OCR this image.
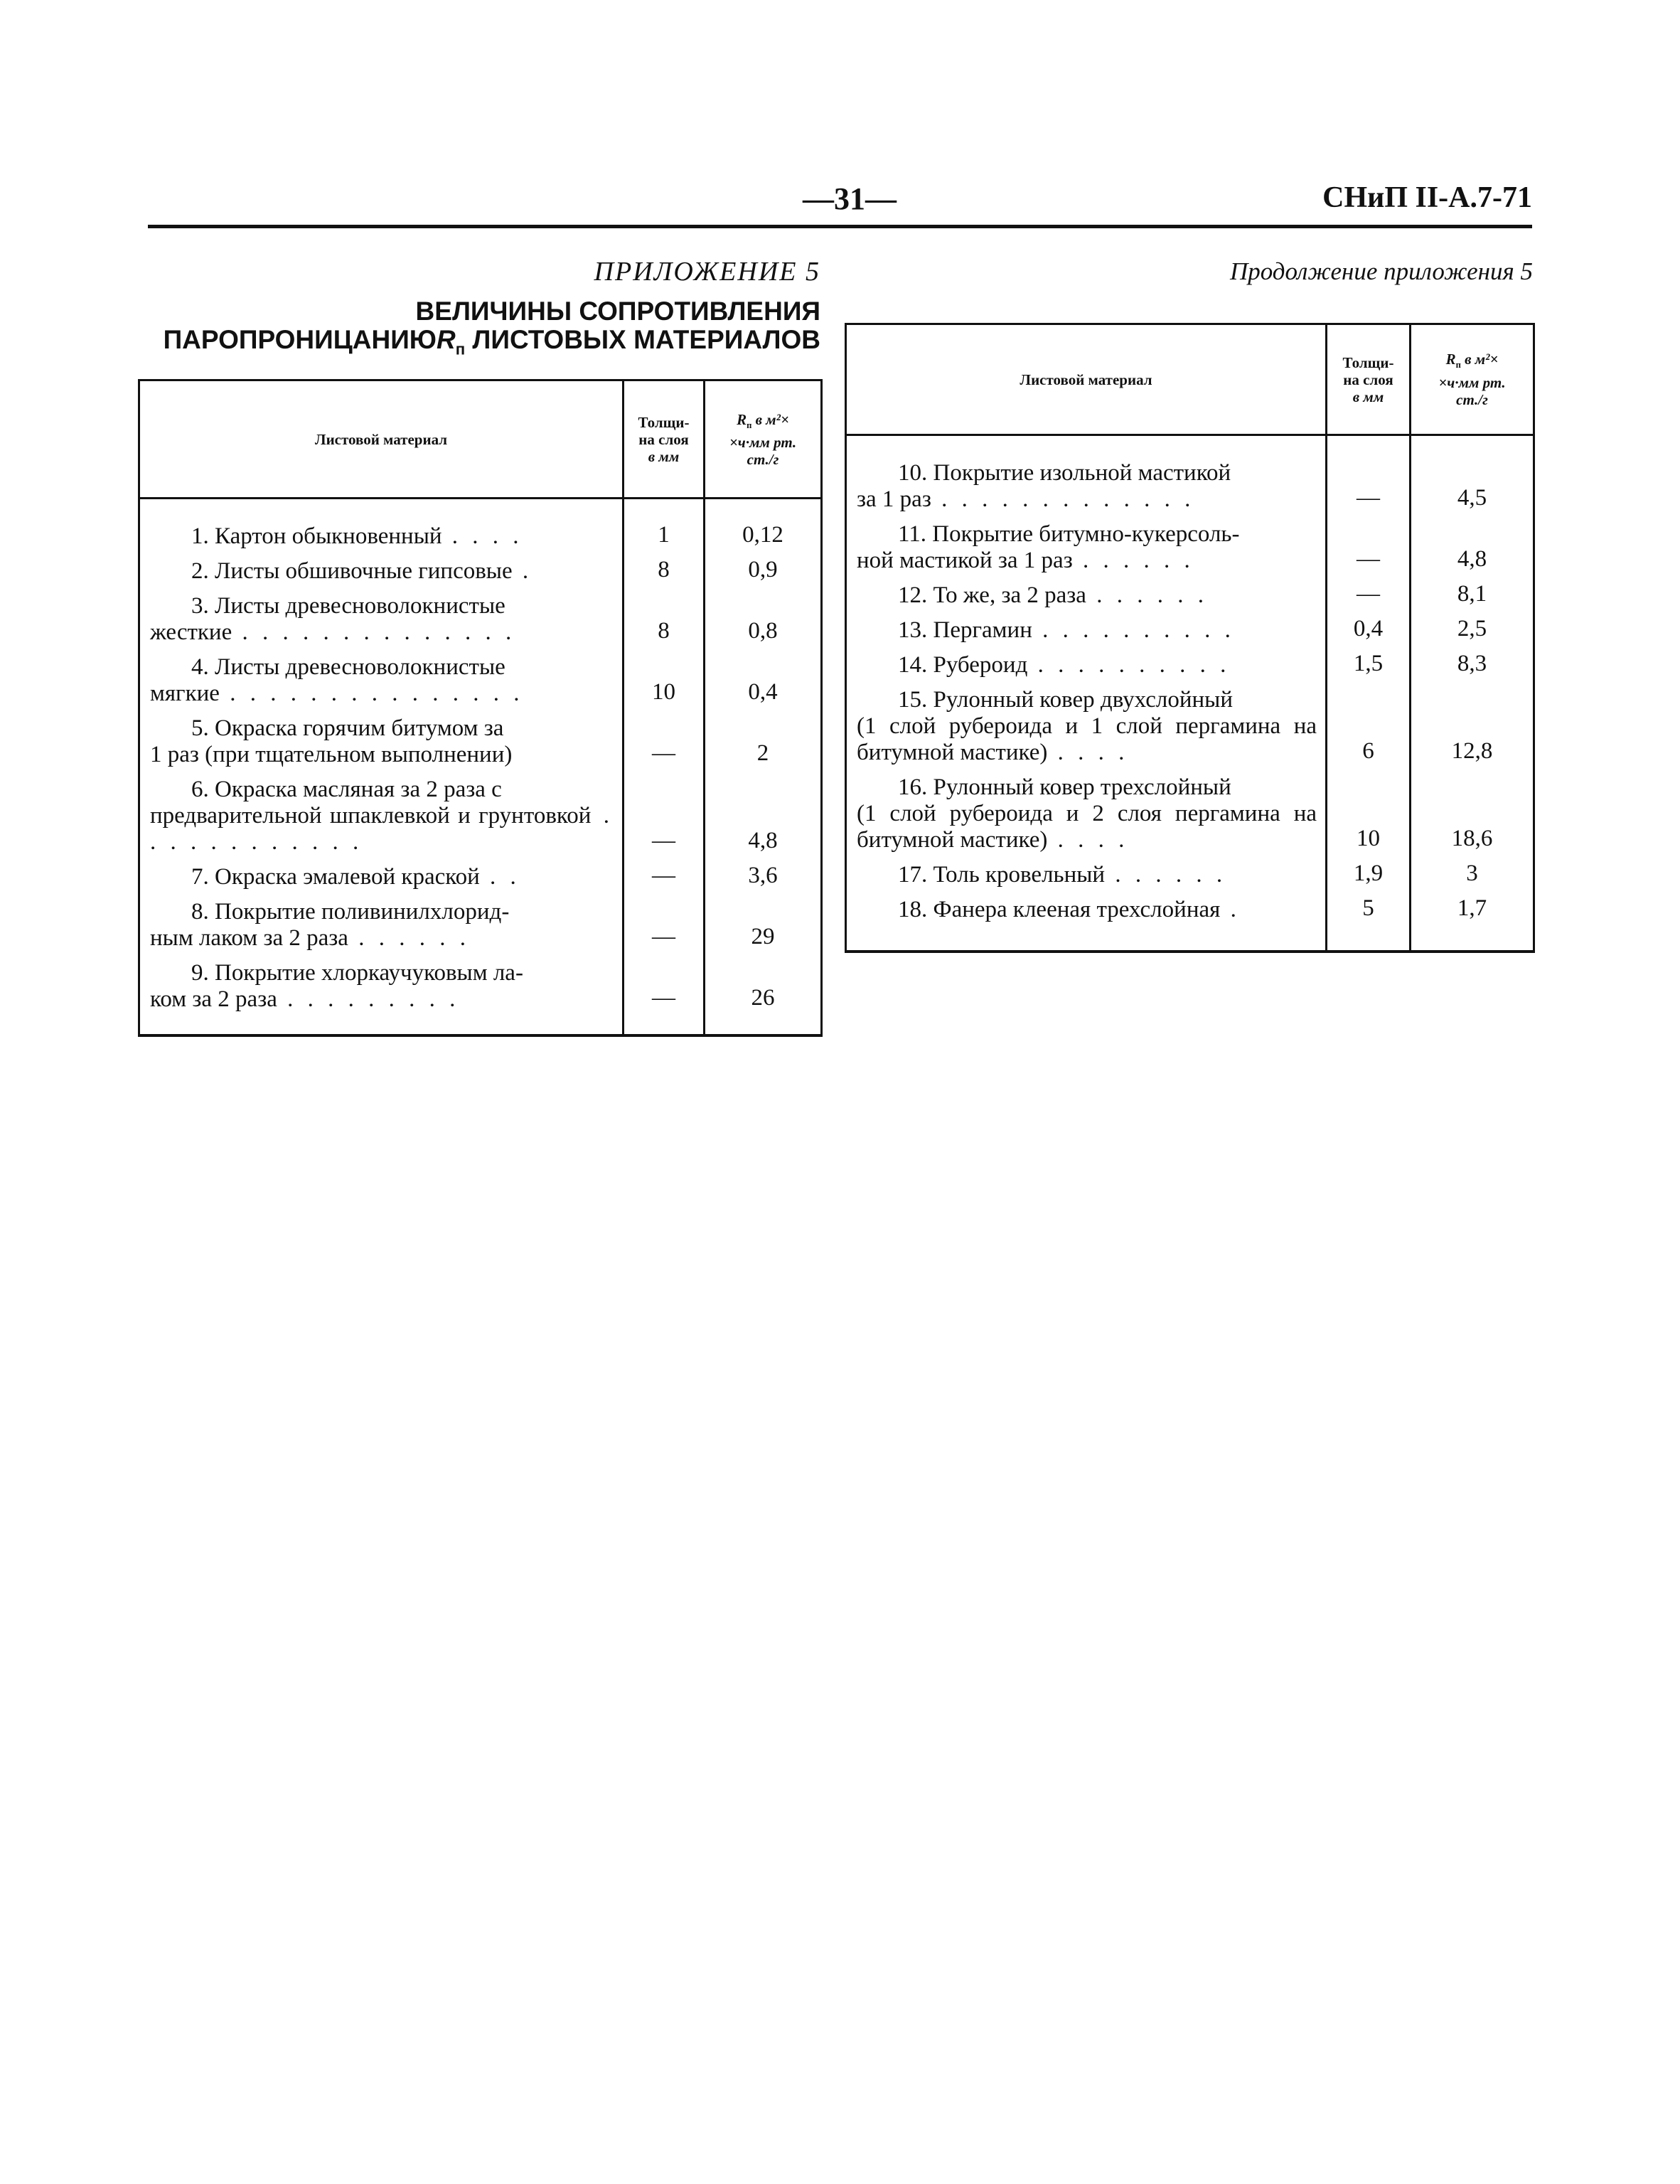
—31—	СНиП II-А.7-71
ПРИЛОЖЕНИЕ 5
ВЕЛИЧИНЫ СОПРОТИВЛЕНИЯ
$ПАРОПРОНИЦАНИЮR_п$ ЛИСТОВЫХ МАТЕРИАЛОВ
Листовой материал	Толщи-
на слоя
в мм	$R_п$ в м²×
×ч·мм рт.
ст./г

1. Картон обыкновенный . . . .	1	0,12
2. Листы обшивочные гипсовые .	8	0,9

3. Листы древесноволокнистые
жесткие . . . . . . . . . . . . . .	8	0,8

4. Листы древесноволокнистые
мягкие . . . . . . . . . . . . . . .	10	0,4

5. Окраска горячим битумом за
1 раз (при тщательном выполнении)	—	2

6. Окраска масляная за 2 раза с
предварительной шпаклевкой и грунтовкой . . . . . . . . . . . .	—	4,8
7. Окраска эмалевой краской . .	—	3,6

8. Покрытие поливинилхлорид-
ным лаком за 2 раза . . . . . .	—	29

9. Покрытие хлоркаучуковым ла-
ком за 2 раза . . . . . . . . .	—	26

Продолжение приложения 5
Листовой материал	Толщи-
на слоя
в мм	$R_п$ в м²×
×ч·мм рт.
ст./г

10. Покрытие изольной мастикой
за 1 раз . . . . . . . . . . . . .	—	4,5

11. Покрытие битумно-кукерсоль-
ной мастикой за 1 раз . . . . . .	—	4,8
12. То же, за 2 раза . . . . . .	—	8,1
13. Пергамин . . . . . . . . . .	0,4	2,5
14. Рубероид . . . . . . . . . .	1,5	8,3

15. Рулонный ковер двухслойный
(1 слой рубероида и 1 слой пергамина на битумной мастике) . . . .	6	12,8

16. Рулонный ковер трехслойный
(1 слой рубероида и 2 слоя пергамина на битумной мастике) . . . .	10	18,6
17. Толь кровельный . . . . . .	1,9	3
18. Фанера клееная трехслойная .	5	1,7
